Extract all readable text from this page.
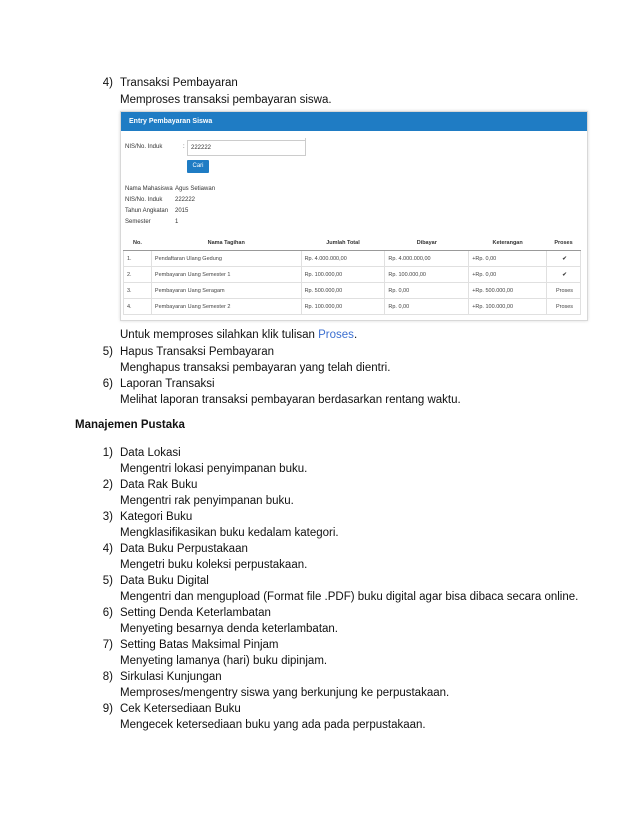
4) Transaksi Pembayaran
Memproses transaksi pembayaran siswa.
Entry Pembayaran Siswa
NIS/No. Induk	:	222222
Cari
Nama Mahasiswa Agus Setiawan
NIS/No. Induk 222222
Tahun Angkatan 2015
Semester	1
No.	Nama Tagihan	Jumlah Total	Dibayar	Keterangan	Proses
1.	Pendaftaran Ulang Gedung	Rp. 4.000.000,00	Rp. 4.000.000,00	+Rp. 0,00	✔
2.	Pembayaran Uang Semester 1	Rp. 100.000,00	Rp. 100.000,00	+Rp. 0,00	✔
3.	Pembayaran Uang Seragam	Rp. 500.000,00	Rp. 0,00	+Rp. 500.000,00	Proses
4.	Pembayaran Uang Semester 2	Rp. 100.000,00	Rp. 0,00	+Rp. 100.000,00	Proses
Untuk memproses silahkan klik tulisan Proses.
5) Hapus Transaksi Pembayaran
Menghapus transaksi pembayaran yang telah dientri.
6) Laporan Transaksi
Melihat laporan transaksi pembayaran berdasarkan rentang waktu.
Manajemen Pustaka
1) Data Lokasi
Mengentri lokasi penyimpanan buku.
2) Data Rak Buku
Mengentri rak penyimpanan buku.
3) Kategori Buku
Mengklasifikasikan buku kedalam kategori.
4) Data Buku Perpustakaan
Mengetri buku koleksi perpustakaan.
5) Data Buku Digital
Mengentri dan mengupload (Format file .PDF) buku digital agar bisa dibaca secara online.
6) Setting Denda Keterlambatan
Menyeting besarnya denda keterlambatan.
7) Setting Batas Maksimal Pinjam
Menyeting lamanya (hari) buku dipinjam.
8) Sirkulasi Kunjungan
Memproses/mengentry siswa yang berkunjung ke perpustakaan.
9) Cek Ketersediaan Buku
Mengecek ketersediaan buku yang ada pada perpustakaan.
